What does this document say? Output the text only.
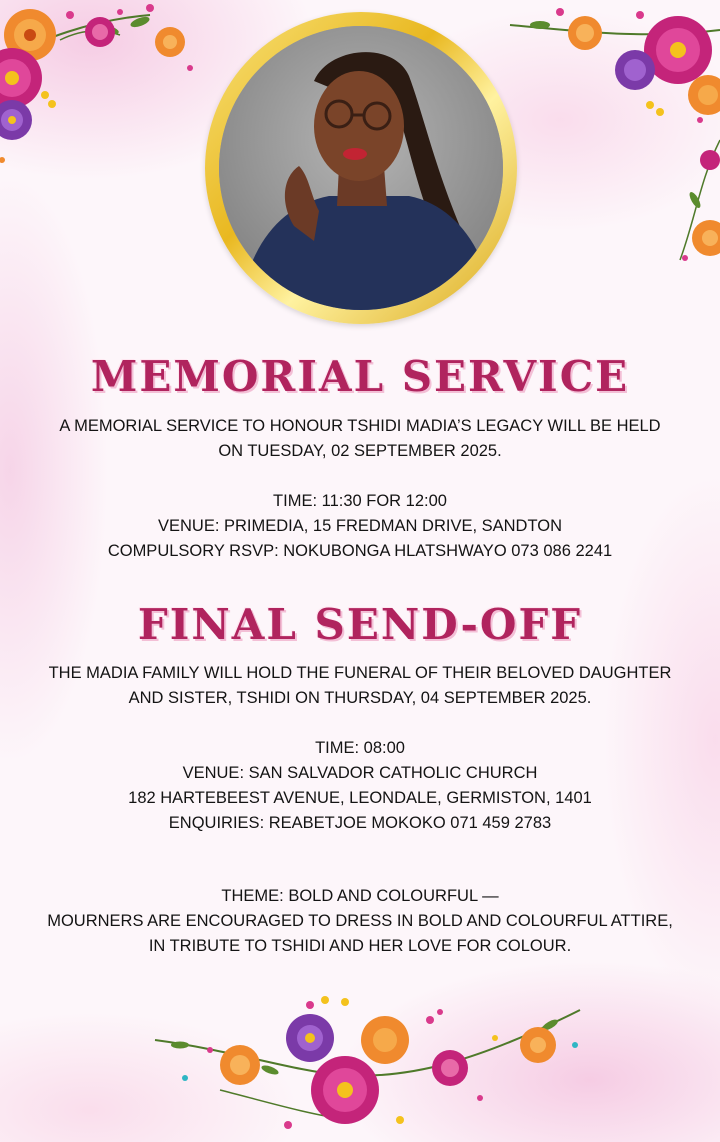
MEMORIAL SERVICE

A MEMORIAL SERVICE TO HONOUR TSHIDI MADIA’S LEGACY WILL BE HELD
ON TUESDAY, 02 SEPTEMBER 2025.

TIME: 11:30 FOR 12:00
VENUE: PRIMEDIA, 15 FREDMAN DRIVE, SANDTON
COMPULSORY RSVP: NOKUBONGA HLATSHWAYO 073 086 2241

FINAL SEND-OFF

THE MADIA FAMILY WILL HOLD THE FUNERAL OF THEIR BELOVED DAUGHTER
AND SISTER, TSHIDI ON THURSDAY, 04 SEPTEMBER 2025.

TIME: 08:00
VENUE: SAN SALVADOR CATHOLIC CHURCH
182 HARTEBEEST AVENUE, LEONDALE, GERMISTON, 1401
ENQUIRIES: REABETJOE MOKOKO 071 459 2783

THEME: BOLD AND COLOURFUL —
MOURNERS ARE ENCOURAGED TO DRESS IN BOLD AND COLOURFUL ATTIRE,
IN TRIBUTE TO TSHIDI AND HER LOVE FOR COLOUR.
